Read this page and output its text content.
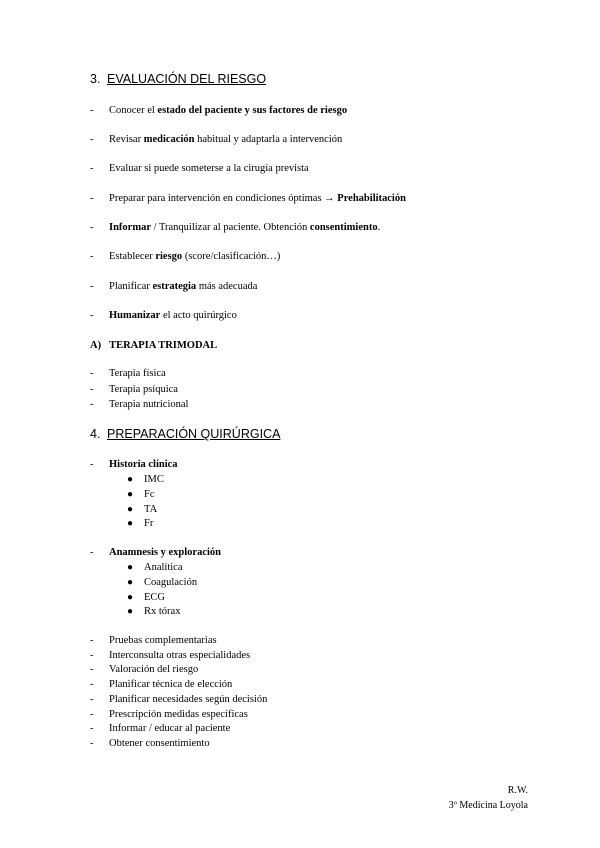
3. EVALUACIÓN DEL RIESGO
- Conocer el estado del paciente y sus factores de riesgo
- Revisar medicación habitual y adaptarla a intervención
- Evaluar si puede someterse a la cirugía prevista
- Preparar para intervención en condiciones óptimas → Prehabilitación
- Informar / Tranquilizar al paciente. Obtención consentimiento.
- Establecer riesgo (score/clasificación…)
- Planificar estrategia más adecuada
- Humanizar el acto quirúrgico
A) TERAPIA TRIMODAL
- Terapia física
- Terapia psíquica
- Terapia nutricional
4. PREPARACIÓN QUIRÚRGICA
- Historia clínica
● IMC
● Fc
● TA
● Fr
- Anamnesis y exploración
● Analítica
● Coagulación
● ECG
● Rx tórax
- Pruebas complementarias
- Interconsulta otras especialidades
- Valoración del riesgo
- Planificar técnica de elección
- Planificar necesidades según decisión
- Prescripción medidas específicas
- Informar / educar al paciente
- Obtener consentimiento
R.W.
3º Medicina Loyola
